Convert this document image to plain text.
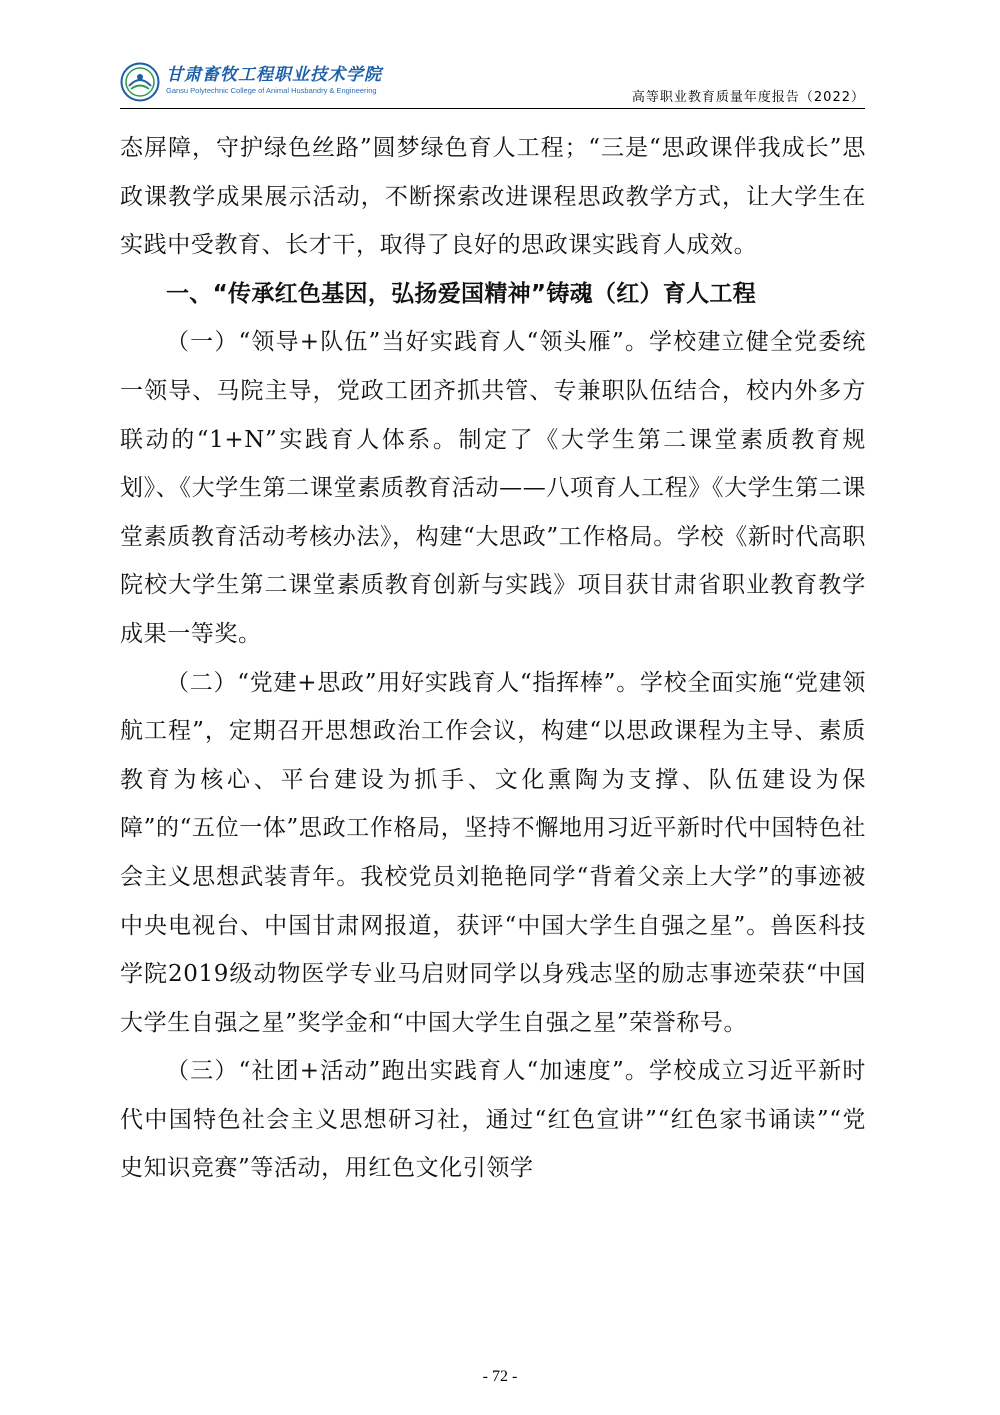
甘肃畜牧工程职业技术学院
Gansu Polytechnic College of Animal Husbandry & Engineering	高等职业教育质量年度报告（2022）

态屏障，守护绿色丝路”圆梦绿色育人工程；“三是“思政课伴我成长”思政课教学成果展示活动，不断探索改进课程思政教学方式，让大学生在实践中受教育、长才干，取得了良好的思政课实践育人成效。

一、“传承红色基因，弘扬爱国精神”铸魂（红）育人工程

（一）“领导+队伍”当好实践育人“领头雁”。学校建立健全党委统一领导、马院主导，党政工团齐抓共管、专兼职队伍结合，校内外多方联动的“1+N”实践育人体系。制定了《大学生第二课堂素质教育规划》、《大学生第二课堂素质教育活动——八项育人工程》《大学生第二课堂素质教育活动考核办法》，构建“大思政”工作格局。学校《新时代高职院校大学生第二课堂素质教育创新与实践》项目获甘肃省职业教育教学成果一等奖。

（二）“党建+思政”用好实践育人“指挥棒”。学校全面实施“党建领航工程”，定期召开思想政治工作会议，构建“以思政课程为主导、素质教育为核心、平台建设为抓手、文化熏陶为支撑、队伍建设为保障”的“五位一体”思政工作格局，坚持不懈地用习近平新时代中国特色社会主义思想武装青年。我校党员刘艳艳同学“背着父亲上大学”的事迹被中央电视台、中国甘肃网报道，获评“中国大学生自强之星”。兽医科技学院2019级动物医学专业马启财同学以身残志坚的励志事迹荣获“中国大学生自强之星”奖学金和“中国大学生自强之星”荣誉称号。

（三）“社团+活动”跑出实践育人“加速度”。学校成立习近平新时代中国特色社会主义思想研习社，通过“红色宣讲”“红色家书诵读”“党史知识竞赛”等活动，用红色文化引领学

- 72 -
